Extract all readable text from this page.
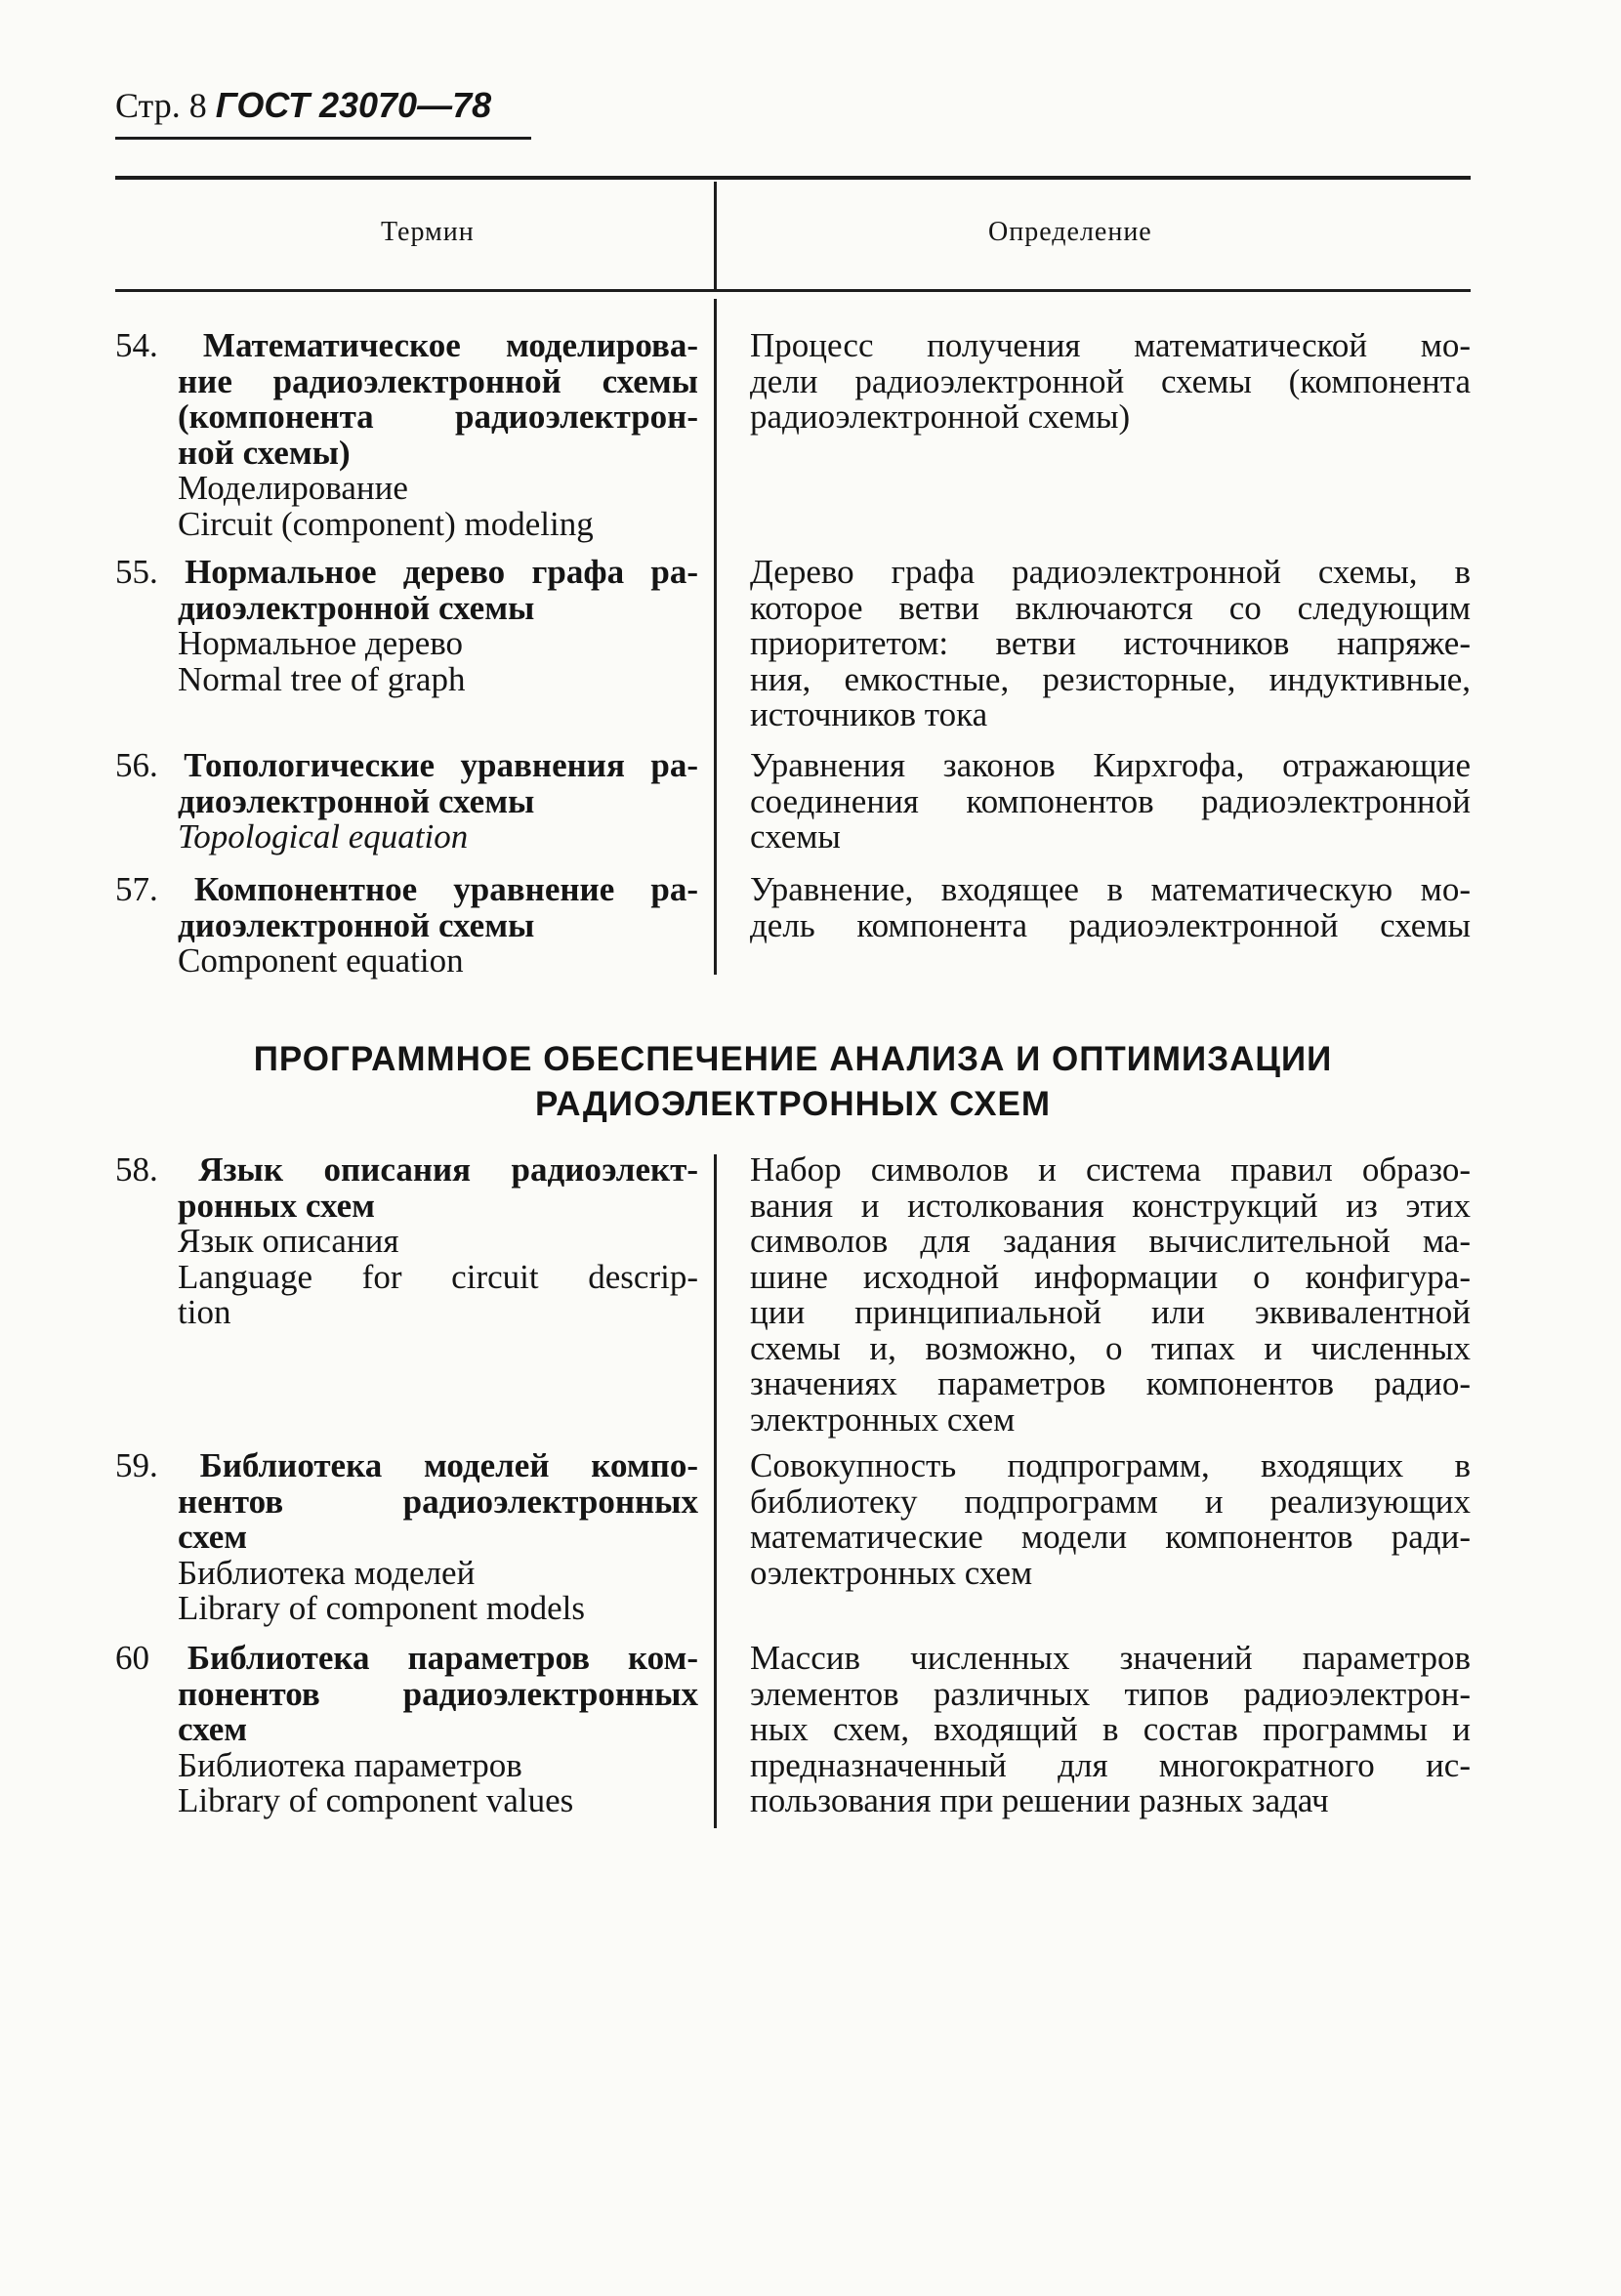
Стр. 8 ГОСТ 23070—78
Термин	Определение
54. Математическое моделирова-
ние радиоэлектронной схемы
(компонента радиоэлектрон-
ной схемы)
Моделирование
Circuit (component) modeling
Процесс получения математической мо-
дели радиоэлектронной схемы (компонента
радиоэлектронной схемы)
55. Нормальное дерево графа ра-
диоэлектронной схемы
Нормальное дерево
Normal tree of graph
Дерево графа радиоэлектронной схемы, в
которое ветви включаются со следующим
приоритетом: ветви источников напряже-
ния, емкостные, резисторные, индуктивные,
источников тока
56. Топологические уравнения ра-
диоэлектронной схемы
Topological equation
Уравнения законов Кирхгофа, отражающие
соединения компонентов радиоэлектронной
схемы
57. Компонентное уравнение ра-
диоэлектронной схемы
Component equation
Уравнение, входящее в математическую мо-
дель компонента радиоэлектронной схемы
ПРОГРАММНОЕ ОБЕСПЕЧЕНИЕ АНАЛИЗА И ОПТИМИЗАЦИИ
РАДИОЭЛЕКТРОННЫХ СХЕМ
58. Язык описания радиоэлект-
ронных схем
Язык описания
Language for circuit descrip-
tion
Набор символов и система правил образо-
вания и истолкования конструкций из этих
символов для задания вычислительной ма-
шине исходной информации о конфигура-
ции принципиальной или эквивалентной
схемы и, возможно, о типах и численных
значениях параметров компонентов радио-
электронных схем
59. Библиотека моделей компо-
нентов радиоэлектронных
схем
Библиотека моделей
Library of component models
Совокупность подпрограмм, входящих в
библиотеку подпрограмм и реализующих
математические модели компонентов ради-
оэлектронных схем
60 Библиотека параметров ком-
понентов радиоэлектронных
схем
Библиотека параметров
Library of component values
Массив численных значений параметров
элементов различных типов радиоэлектрон-
ных схем, входящий в состав программы и
предназначенный для многократного ис-
пользования при решении разных задач
